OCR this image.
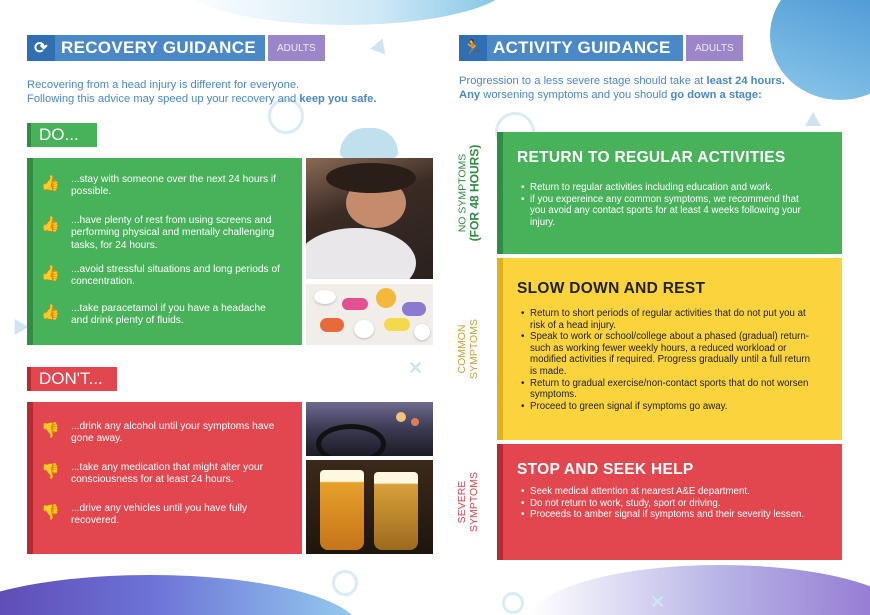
✕
✕
⟳ RECOVERY GUIDANCE	ADULTS
Recovering from a head injury is different for everyone.
Following this advice may speed up your recovery and keep you safe.
DO...
👍	...stay with someone over the next 24 hours if possible.
👍	...have plenty of rest from using screens and performing physical and mentally challenging tasks, for 24 hours.
👍	...avoid stressful situations and long periods of concentration.
👍	...take paracetamol if you have a headache and drink plenty of fluids.
DON'T...
👎	...drink any alcohol until your symptoms have gone away.
👎	...take any medication that might alter your consciousness for at least 24 hours.
👎	...drive any vehicles until you have fully recovered.
🏃 ACTIVITY GUIDANCE	ADULTS
Progression to a less severe stage should take at least 24 hours.
Any worsening symptoms and you should go down a stage:
NO SYMPTOMS (FOR 48 HOURS)
COMMON SYMPTOMS
SEVERE SYMPTOMS
RETURN TO REGULAR ACTIVITIES
• Return to regular activities including education and work.
• if you expereince any common symptoms, we recommend that you avoid any contact sports for at least 4 weeks following your injury.
SLOW DOWN AND REST
• Return to short periods of regular activities that do not put you at risk of a head injury.
• Speak to work or school/college about a phased (gradual) return- such as working fewer weekly hours, a reduced workload or modified activities if required. Progress gradually until a full return is made.
• Return to gradual exercise/non-contact sports that do not worsen symptoms.
• Proceed to green signal if symptoms go away.
STOP AND SEEK HELP
• Seek medical attention at nearest A&E department.
• Do not return to work, study, sport or driving.
• Proceeds to amber signal if symptoms and their severity lessen.
